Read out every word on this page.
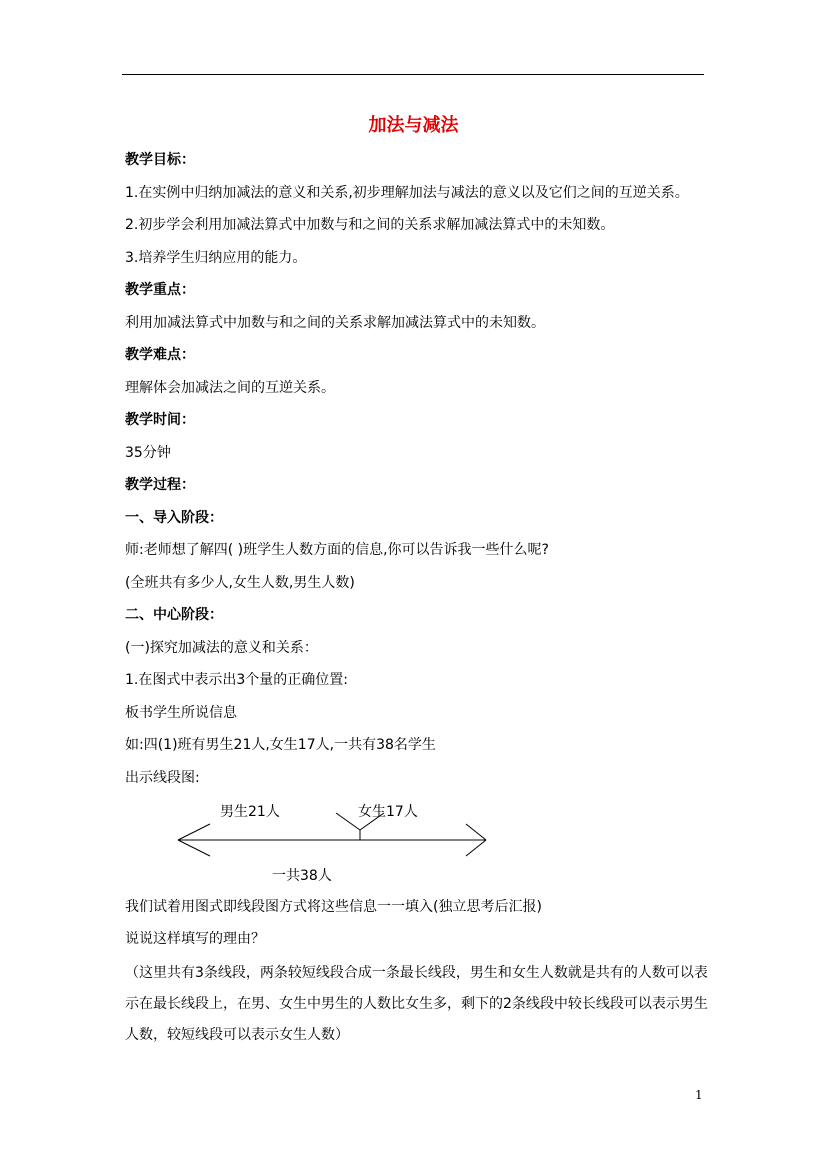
加法与减法
教学目标：
1.在实例中归纳加减法的意义和关系,初步理解加法与减法的意义以及它们之间的互逆关系。
2.初步学会利用加减法算式中加数与和之间的关系求解加减法算式中的未知数。
3.培养学生归纳应用的能力。
教学重点：
利用加减法算式中加数与和之间的关系求解加减法算式中的未知数。
教学难点：
理解体会加减法之间的互逆关系。
教学时间：
35分钟
教学过程：
一、导入阶段：
师:老师想了解四( )班学生人数方面的信息,你可以告诉我一些什么呢?
(全班共有多少人,女生人数,男生人数)
二、中心阶段：
(一)探究加减法的意义和关系：
1.在图式中表示出3个量的正确位置:
板书学生所说信息
如:四(1)班有男生21人,女生17人,一共有38名学生
出示线段图:
男生21人	女生17人
一共38人
我们试着用图式即线段图方式将这些信息一一填入(独立思考后汇报)
说说这样填写的理由？
（这里共有3条线段，两条较短线段合成一条最长线段，男生和女生人数就是共有的人数可以表示在最长线段上，在男、女生中男生的人数比女生多，剩下的2条线段中较长线段可以表示男生人数，较短线段可以表示女生人数）
1
